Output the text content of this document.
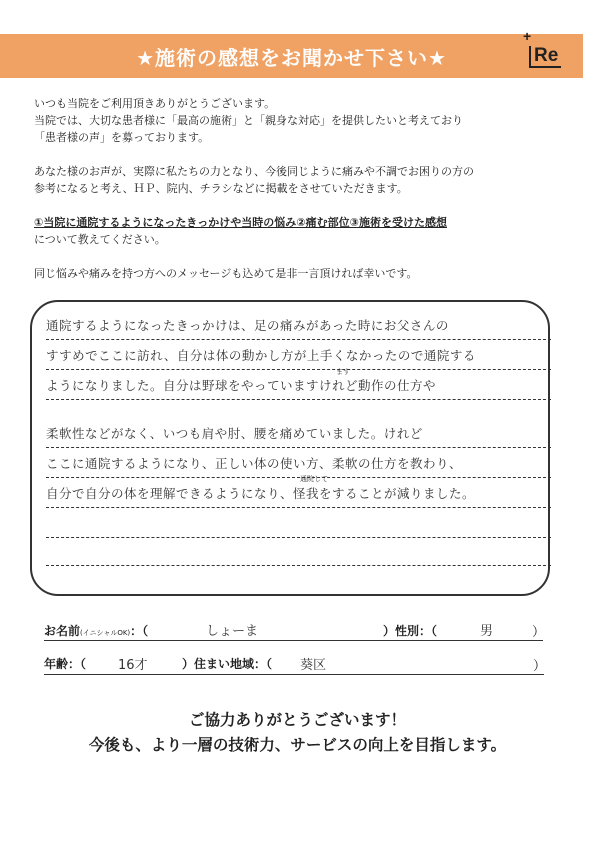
★施術の感想をお聞かせ下さい★
+
Re

いつも当院をご利用頂きありがとうございます。
当院では、大切な患者様に「最高の施術」と「親身な対応」を提供したいと考えており
「患者様の声」を募っております。

あなた様のお声が、実際に私たちの力となり、今後同じように痛みや不調でお困りの方の
参考になると考え、ＨＰ、院内、チラシなどに掲載をさせていただきます。

①当院に通院するようになったきっかけや当時の悩み②痛む部位③施術を受けた感想
について教えてください。

同じ悩みや痛みを持つ方へのメッセージも込めて是非一言頂ければ幸いです。

通院するようになったきっかけは、足の痛みがあった時にお父さんの
すすめでここに訪れ、自分は体の動かし方が上手くなかったので通院する
ます
ようになりました。自分は野球をやっていますけれど動作の仕方や
柔軟性などがなく、いつも肩や肘、腰を痛めていました。けれど
ここに通院するようになり、正しい体の使い方、柔軟の仕方を教わり、
通院して
自分で自分の体を理解できるようになり、怪我をすることが減りました。
お名前(イニシャルOK)：（	しょーま	）性別：（	男	）
年齢：（ 16才	）住まい地域：（ 葵区	）
ご協力ありがとうございます！
今後も、より一層の技術力、サービスの向上を目指します。
